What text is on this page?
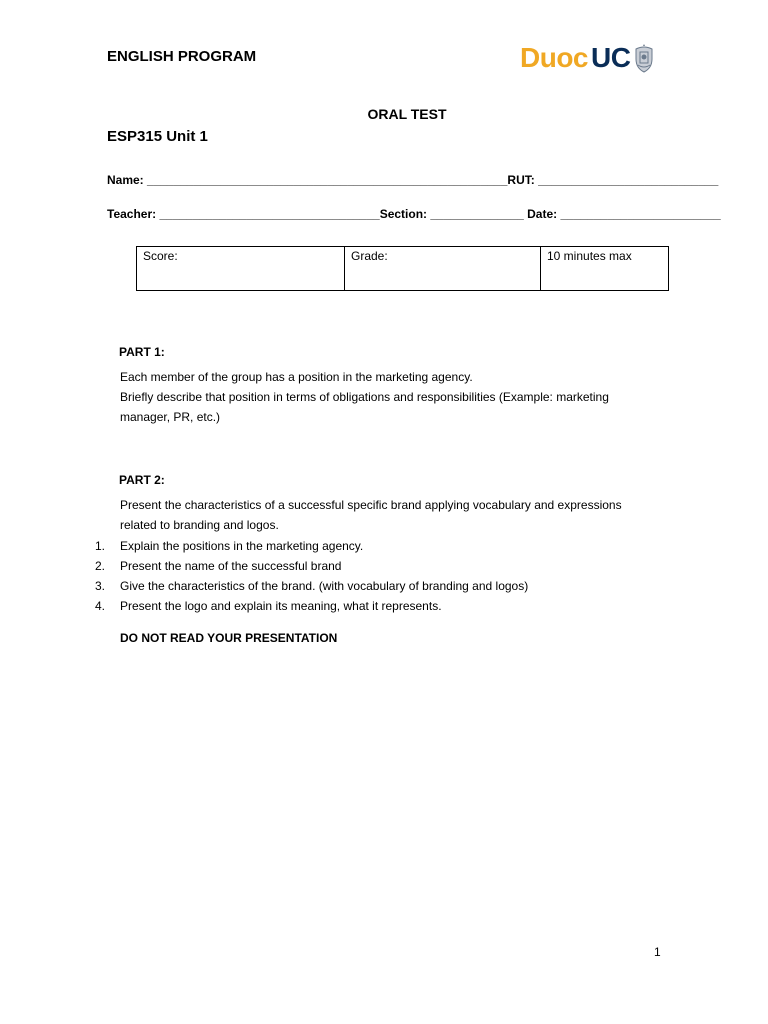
ENGLISH PROGRAM	Duoc UC
ORAL TEST
ESP315 Unit 1
Name: ______________________________________________________RUT: ___________________________
Teacher: _________________________________Section: ______________ Date: ________________________
Score:	Grade:	10 minutes max
PART 1:
Each member of the group has a position in the marketing agency.
Briefly describe that position in terms of obligations and responsibilities (Example: marketing
manager, PR, etc.)
PART 2:
Present the characteristics of a successful specific brand applying vocabulary and expressions
related to branding and logos.
1.	Explain the positions in the marketing agency.
2.	Present the name of the successful brand
3.	Give the characteristics of the brand. (with vocabulary of branding and logos)
4.	Present the logo and explain its meaning, what it represents.
DO NOT READ YOUR PRESENTATION
1
